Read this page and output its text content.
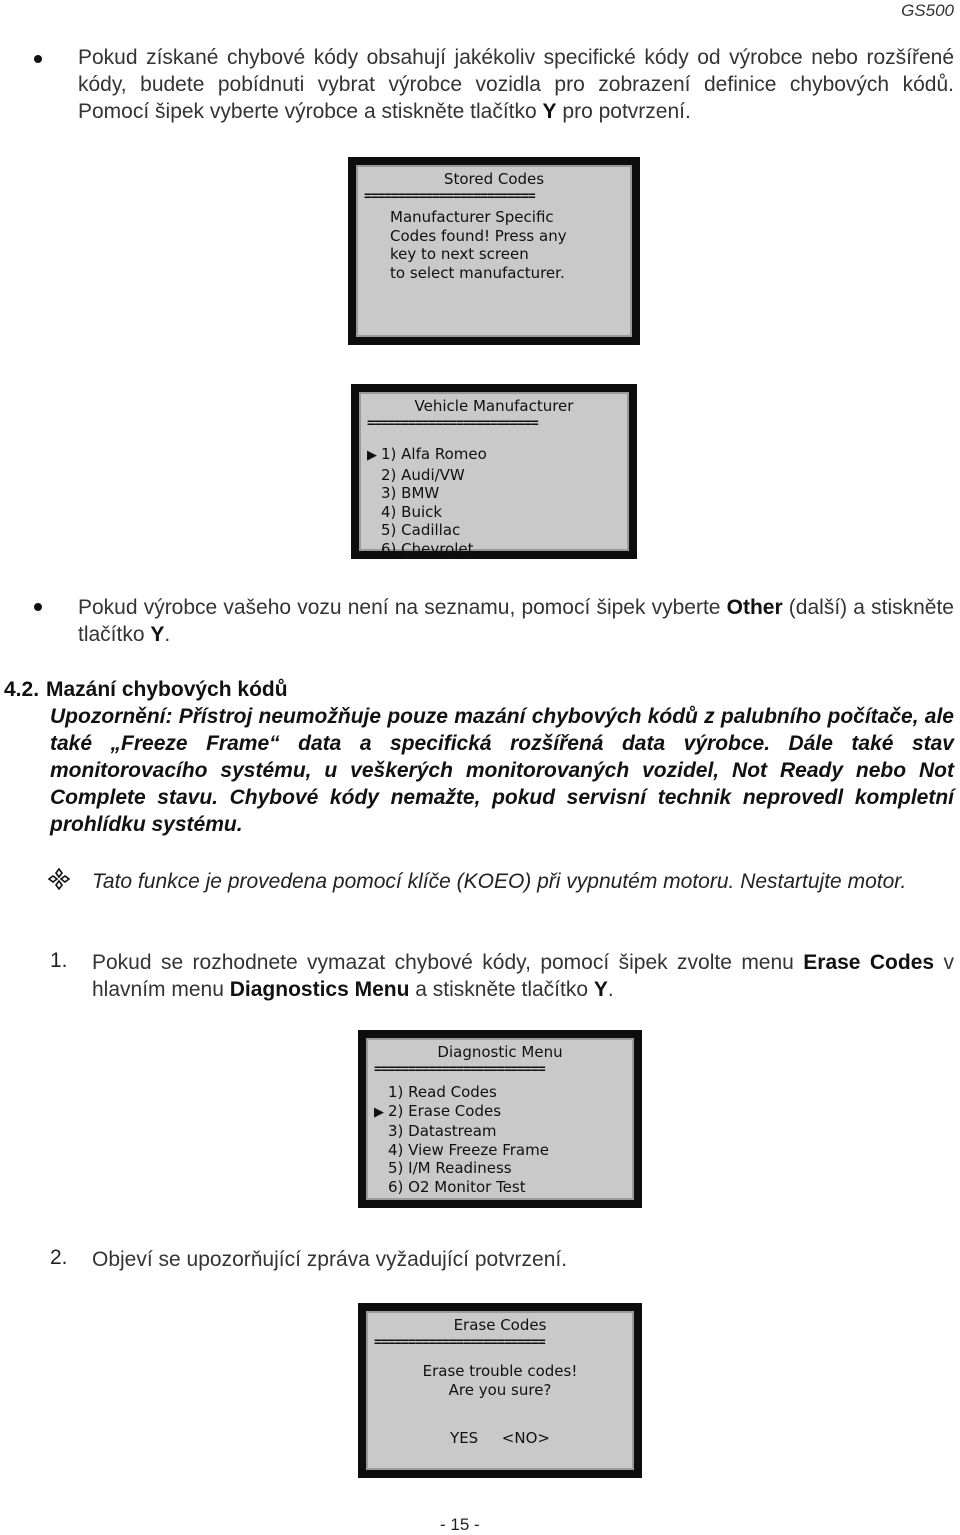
GS500
Pokud získané chybové kódy obsahují jakékoliv specifické kódy od výrobce nebo rozšířené kódy, budete pobídnuti vybrat výrobce vozidla pro zobrazení definice chybových kódů. Pomocí šipek vyberte výrobce a stiskněte tlačítko Y pro potvrzení.
Stored Codes
=========================
Manufacturer Specific
Codes found! Press any
key to next screen
to select manufacturer.
Vehicle Manufacturer
=========================
▶ 1) Alfa Romeo
2) Audi/VW
3) BMW
4) Buick
5) Cadillac
6) Chevrolet
Pokud výrobce vašeho vozu není na seznamu, pomocí šipek vyberte Other (další) a stiskněte tlačítko Y.
4.2. Mazání chybových kódů
Upozornění: Přístroj neumožňuje pouze mazání chybových kódů z palubního počítače, ale také „Freeze Frame“ data a specifická rozšířená data výrobce. Dále také stav monitorovacího systému, u veškerých monitorovaných vozidel, Not Ready nebo Not Complete stavu. Chybové kódy nemažte, pokud servisní technik neprovedl kompletní prohlídku systému.
Tato funkce je provedena pomocí klíče (KOEO) při vypnutém motoru. Nestartujte motor.
1. Pokud se rozhodnete vymazat chybové kódy, pomocí šipek zvolte menu Erase Codes v hlavním menu Diagnostics Menu a stiskněte tlačítko Y.
Diagnostic Menu
=========================
1) Read Codes
▶ 2) Erase Codes
3) Datastream
4) View Freeze Frame
5) I/M Readiness
6) O2 Monitor Test
2. Objeví se upozorňující zpráva vyžadující potvrzení.
Erase Codes
=========================
Erase trouble codes!
Are you sure?
YES <NO>
- 15 -
